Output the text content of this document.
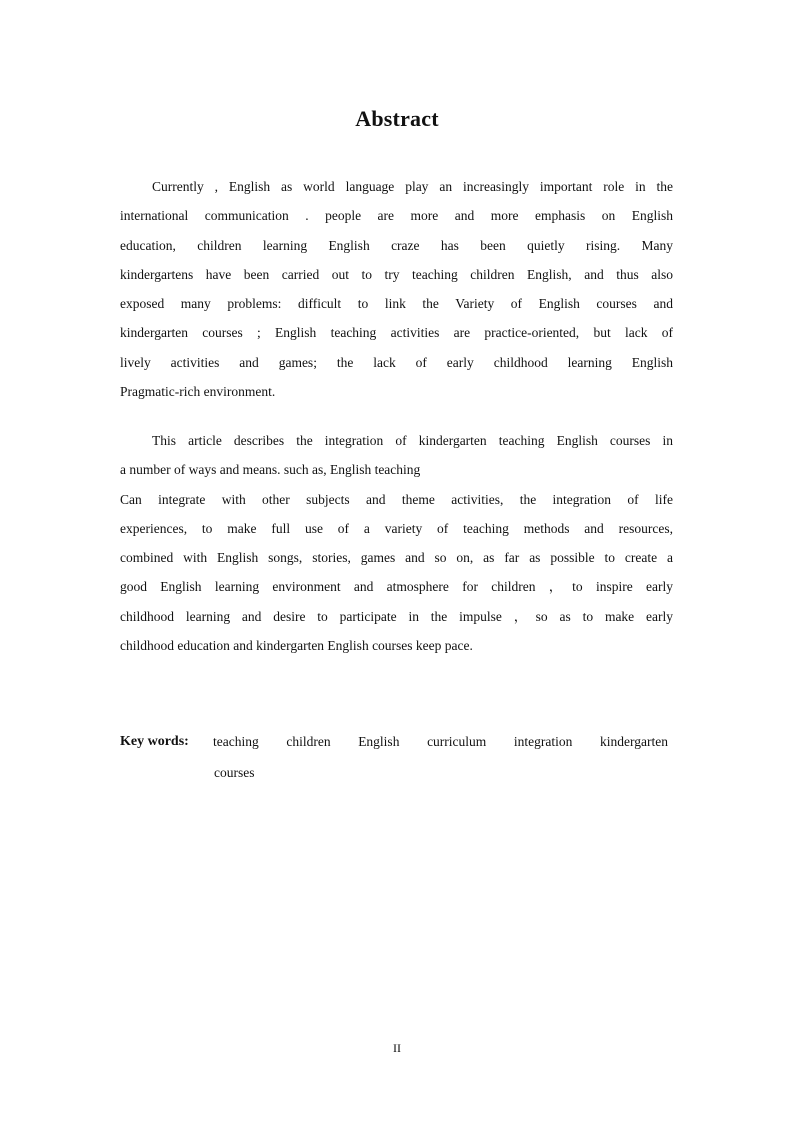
Abstract
Currently , English as world language play an increasingly important role in the
international communication . people are more and more emphasis on English
education, children learning English craze has been quietly rising. Many
kindergartens have been carried out to try teaching children English, and thus also
exposed many problems: difficult to link the Variety of English courses and
kindergarten courses ; English teaching activities are practice-oriented, but lack of
lively activities and games; the lack of early childhood learning English
Pragmatic-rich environment.
This article describes the integration of kindergarten teaching English courses in
a number of ways and means. such as, English teaching
Can integrate with other subjects and theme activities, the integration of life
experiences, to make full use of a variety of teaching methods and resources,
combined with English songs, stories, games and so on, as far as possible to create a
good English learning environment and atmosphere for children ，to inspire early
childhood learning and desire to participate in the impulse ，so as to make early
childhood education and kindergarten English courses keep pace.
Key words: teaching children English curriculum integration kindergarten
courses
II
